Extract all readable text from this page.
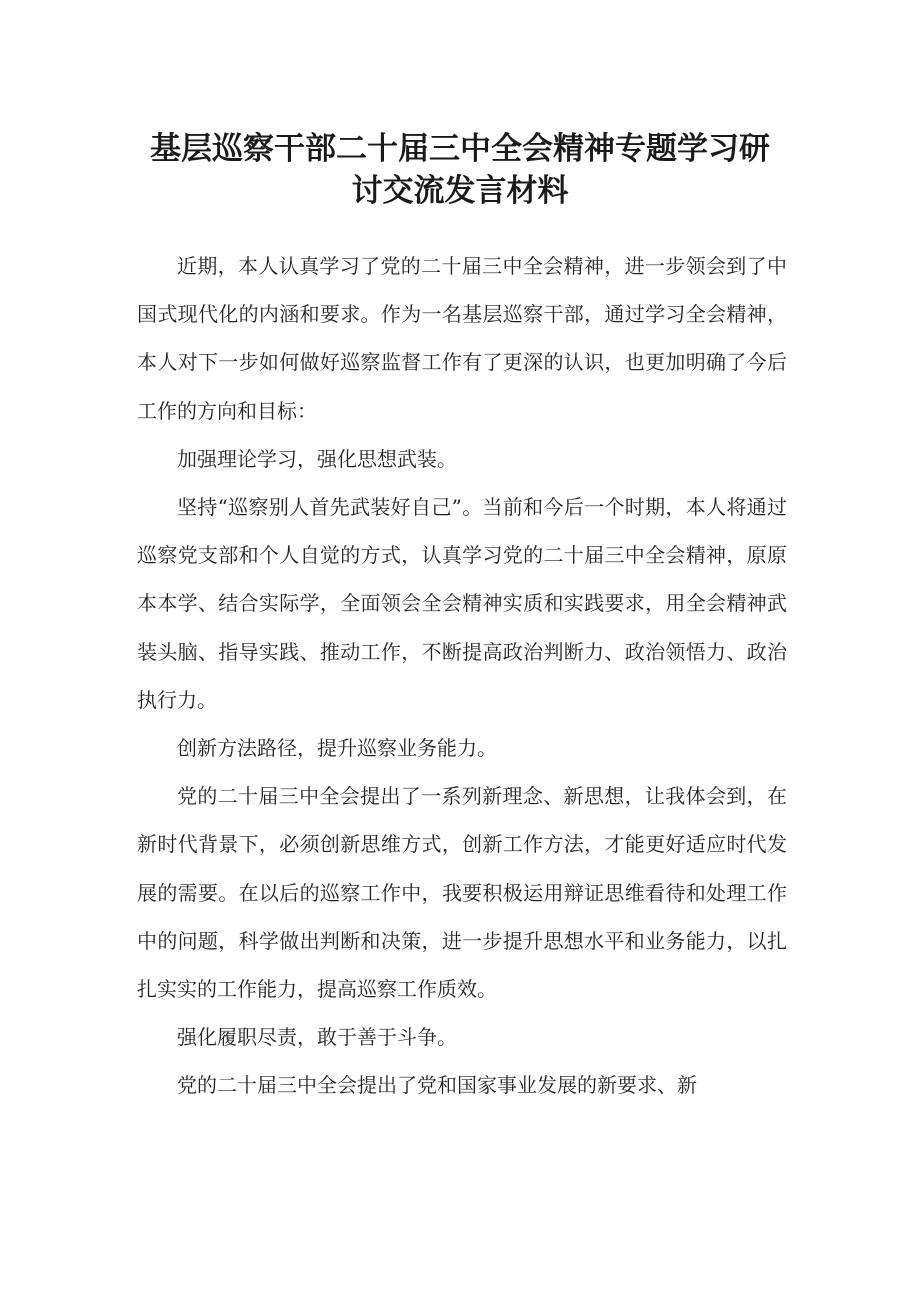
基层巡察干部二十届三中全会精神专题学习研
讨交流发言材料

近期，本人认真学习了党的二十届三中全会精神，进一步领会到了中国式现代化的内涵和要求。作为一名基层巡察干部，通过学习全会精神，本人对下一步如何做好巡察监督工作有了更深的认识，也更加明确了今后工作的方向和目标：

加强理论学习，强化思想武装。

坚持“巡察别人首先武装好自己”。当前和今后一个时期，本人将通过巡察党支部和个人自觉的方式，认真学习党的二十届三中全会精神，原原本本学、结合实际学，全面领会全会精神实质和实践要求，用全会精神武装头脑、指导实践、推动工作，不断提高政治判断力、政治领悟力、政治执行力。

创新方法路径，提升巡察业务能力。

党的二十届三中全会提出了一系列新理念、新思想，让我体会到，在新时代背景下，必须创新思维方式，创新工作方法，才能更好适应时代发展的需要。在以后的巡察工作中，我要积极运用辩证思维看待和处理工作中的问题，科学做出判断和决策，进一步提升思想水平和业务能力，以扎扎实实的工作能力，提高巡察工作质效。

强化履职尽责，敢于善于斗争。

党的二十届三中全会提出了党和国家事业发展的新要求、新
